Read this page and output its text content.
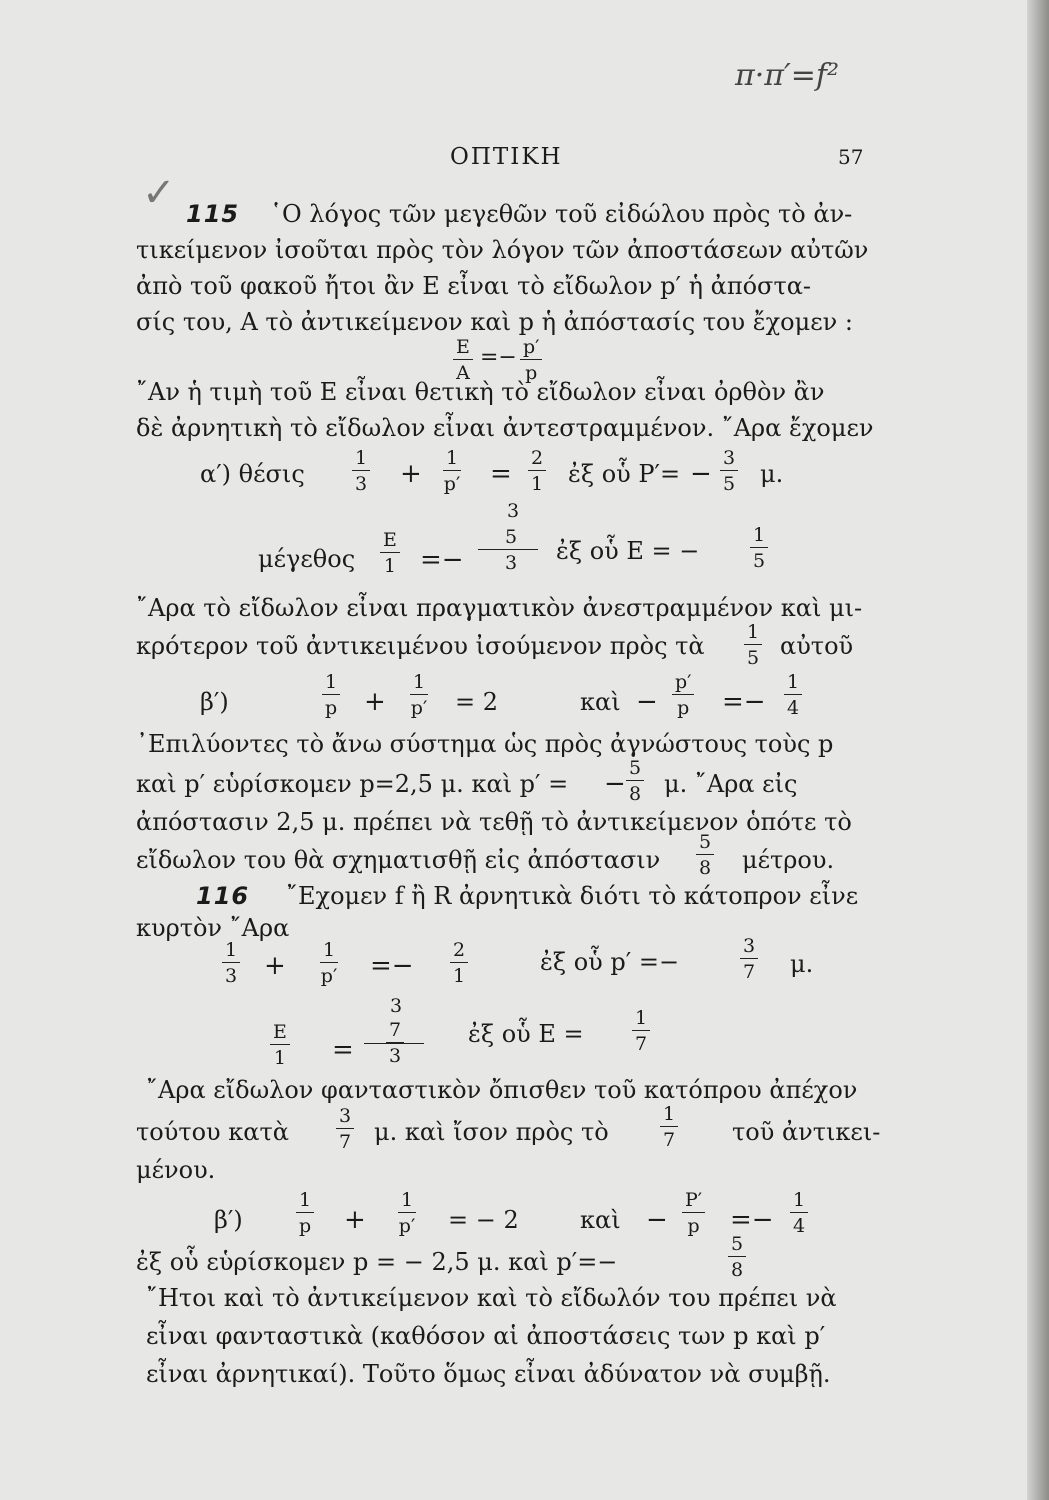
π·π′=f²
ΟΠΤΙΚΗ	57
✓ 115 ῾Ο λόγος τῶν μεγεθῶν τοῦ εἰδώλου πρὸς τὸ ἀν-
τικείμενον ἰσοῦται πρὸς τὸν λόγον τῶν ἀποστάσεων αὐτῶν
ἀπὸ τοῦ φακοῦ ἤτοι ἂν E εἶναι τὸ εἴδωλον p′ ἡ ἀπόστα-
σίς του, A τὸ ἀντικείμενον καὶ p ἡ ἀπόστασίς του ἔχομεν :
$\frac{E}{A} =- \frac{p'}{p}$
῎Αν ἡ τιμὴ τοῦ E εἶναι θετικὴ τὸ εἴδωλον εἶναι ὀρθὸν ἂν
δὲ ἀρνητικὴ τὸ εἴδωλον εἶναι ἀντεστραμμένον. ῎Αρα ἔχομεν
α′) θέσις $\frac{1}{3} + \frac{1}{p'} = \frac{2}{1}$ ἐξ οὗ $P'= - \frac{3}{5} \mu$.
μέγεθος $\frac{E}{1}$ =−
3
$\frac{5}{3}$ ἐξ οὗ E = −	$\frac{1}{5}$
῎Αρα τὸ εἴδωλον εἶναι πραγματικὸν ἀνεστραμμένον καὶ μι-
κρότερον τοῦ ἀντικειμένου ἰσούμενον πρὸς τὰ $\frac{1}{5}$ αὐτοῦ
β′)	$\frac{1}{p} + \frac{1}{p'} = 2$	καὶ − $\frac{p'}{p} =- \frac{1}{4}$
᾿Επιλύοντες τὸ ἄνω σύστημα ὡς πρὸς ἀγνώστους τοὺς p
καὶ p′ εὑρίσκομεν p=2,5 μ. καὶ p′ = − $\frac{5}{8} \mu$. ῎Αρα εἰς
ἀπόστασιν 2,5 μ. πρέπει νὰ τεθῇ τὸ ἀντικείμενον ὁπότε τὸ
εἴδωλον του θὰ σχηματισθῇ εἰς ἀπόστασιν $\frac{5}{8} \mu έ\tau\rho o\upsilon$.
116 ῎Εχομεν f ἢ R ἀρνητικὰ διότι τὸ κάτοπρον εἶνε
κυρτὸν ῎Αρα
$\frac{1}{3} + \frac{1}{p'} =- \frac{2}{1}$	ἐξ οὗ p′ =−	$\frac{3}{7} \mu$.
$\frac{E}{1}$ =
3
$\frac{7}{3}$	ἐξ οὗ E =	$\frac{1}{7}$
῎Αρα εἴδωλον φανταστικὸν ὄπισθεν τοῦ κατόπρου ἀπέχον
τούτου κατὰ $\frac{3}{7} \mu$. καὶ ἴσον πρὸς τὸ	$\frac{1}{7}$ τοῦ ἀντικει-
μένου.
β′)	$\frac{1}{p} + \frac{1}{p'}$ = − 2	καὶ − $\frac{P'}{p} =- \frac{1}{4}$
ἐξ οὗ εὑρίσκομεν p = − 2,5 μ. καὶ p′=−	$\frac{5}{8}$
῎Ητοι καὶ τὸ ἀντικείμενον καὶ τὸ εἴδωλόν του πρέπει νὰ
εἶναι φανταστικὰ (καθόσον αἱ ἀποστάσεις των p καὶ p′
εἶναι ἀρνητικαί). Τοῦτο ὅμως εἶναι ἀδύνατον νὰ συμβῇ.
